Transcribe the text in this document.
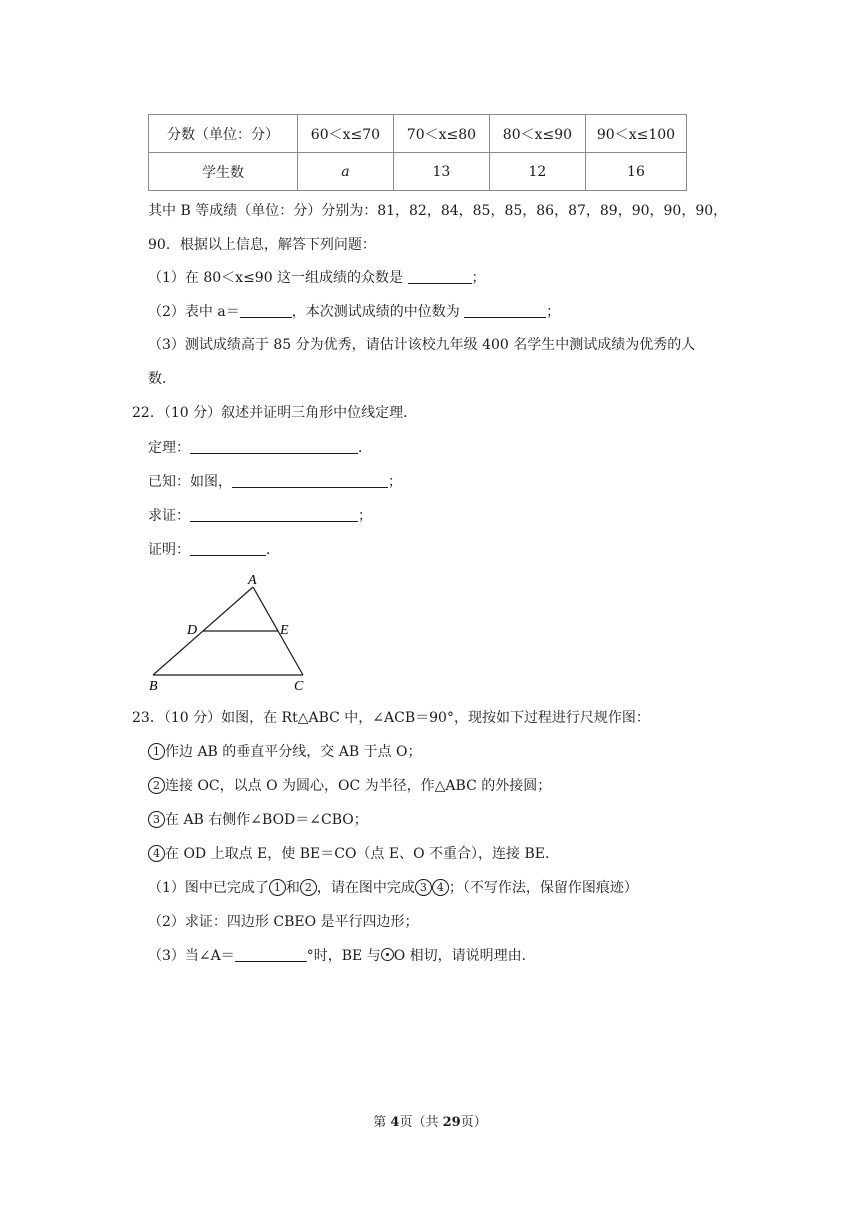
分数（单位：分）	60＜x≤70	70＜x≤80	80＜x≤90	90＜x≤100
学生数	a	13	12	16
其中 B 等成绩（单位：分）分别为：81，82，84，85，85，86，87，89，90，90，90，
90．根据以上信息，解答下列问题：
（1）在 80＜x≤90 这一组成绩的众数是	；
（2）表中 a＝	，本次测试成绩的中位数为	；
（3）测试成绩高于 85 分为优秀，请估计该校九年级 400 名学生中测试成绩为优秀的人
数．
22．（10 分）叙述并证明三角形中位线定理．
定理：	．
已知：如图，	；
求证：	；
证明：	．
A
D	E
B	C
23．（10 分）如图，在 Rt△ABC 中，∠ACB＝90°，现按如下过程进行尺规作图：
1 作边 AB 的垂直平分线，交 AB 于点 O；
2 连接 OC，以点 O 为圆心，OC 为半径，作△ABC 的外接圆；
3 在 AB 右侧作∠BOD＝∠CBO；
4 在 OD 上取点 E，使 BE＝CO（点 E、O 不重合），连接 BE．
（1）图中已完成了 1 和 2 ，请在图中完成 3 4 ；（不写作法，保留作图痕迹）
（2）求证：四边形 CBEO 是平行四边形；
（3）当∠A＝	°时，BE 与 O 相切，请说明理由．
第 4页（共 29页）
